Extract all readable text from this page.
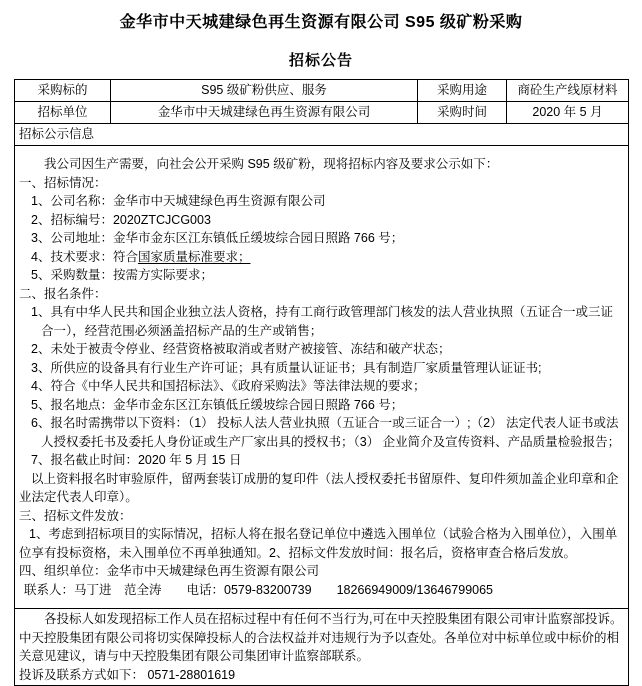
金华市中天城建绿色再生资源有限公司 S95 级矿粉采购
招标公告
采购标的	S95 级矿粉供应、服务	采购用途	商砼生产线原材料
招标单位	金华市中天城建绿色再生资源有限公司	采购时间	2020 年 5 月
招标公示信息			

我公司因生产需要，向社会公开采购 S95 级矿粉，现将招标内容及要求公示如下：
一、招标情况：
1、公司名称：金华市中天城建绿色再生资源有限公司
2、招标编号：2020ZTCJCG003
3、公司地址：金华市金东区江东镇低丘缓坡综合园日照路 766 号；
4、技术要求：符合国家质量标准要求；
5、采购数量：按需方实际要求；
二、报名条件：
1、具有中华人民共和国企业独立法人资格，持有工商行政管理部门核发的法人营业执照（五证合一或三证合一），经营范围必须涵盖招标产品的生产或销售；
2、未处于被责令停业、经营资格被取消或者财产被接管、冻结和破产状态；
3、所供应的设备具有行业生产许可证；具有质量认证证书；具有制造厂家质量管理认证证书;
4、符合《中华人民共和国招标法》、《政府采购法》等法律法规的要求；
5、报名地点：金华市金东区江东镇低丘缓坡综合园日照路 766 号；
6、报名时需携带以下资料：（1） 投标人法人营业执照（五证合一或三证合一）;（2） 法定代表人证书或法人授权委托书及委托人身份证或生产厂家出具的授权书；（3） 企业简介及宣传资料、产品质量检验报告；
7、报名截止时间：2020 年 5 月 15 日
以上资料报名时审验原件，留两套装订成册的复印件（法人授权委托书留原件、复印件须加盖企业印章和企业法定代表人印章）。
三、招标文件发放：
1、考虑到招标项目的实际情况，招标人将在报名登记单位中遴选入围单位（试验合格为入围单位），入围单位享有投标资格，未入围单位不再单独通知。2、招标文件发放时间：报名后，资格审查合格后发放。
四、组织单位：金华市中天城建绿色再生资源有限公司
联系人：马丁进　范全涛　　电话：0579-83200739　　18266949009/13646799065

各投标人如发现招标工作人员在招标过程中有任何不当行为,可在中天控股集团有限公司审计监察部投诉。中天控股集团有限公司将切实保障投标人的合法权益并对违规行为予以查处。各单位对中标单位或中标价的相关意见建议，请与中天控股集团有限公司集团审计监察部联系。
投诉及联系方式如下： 0571-28801619			
